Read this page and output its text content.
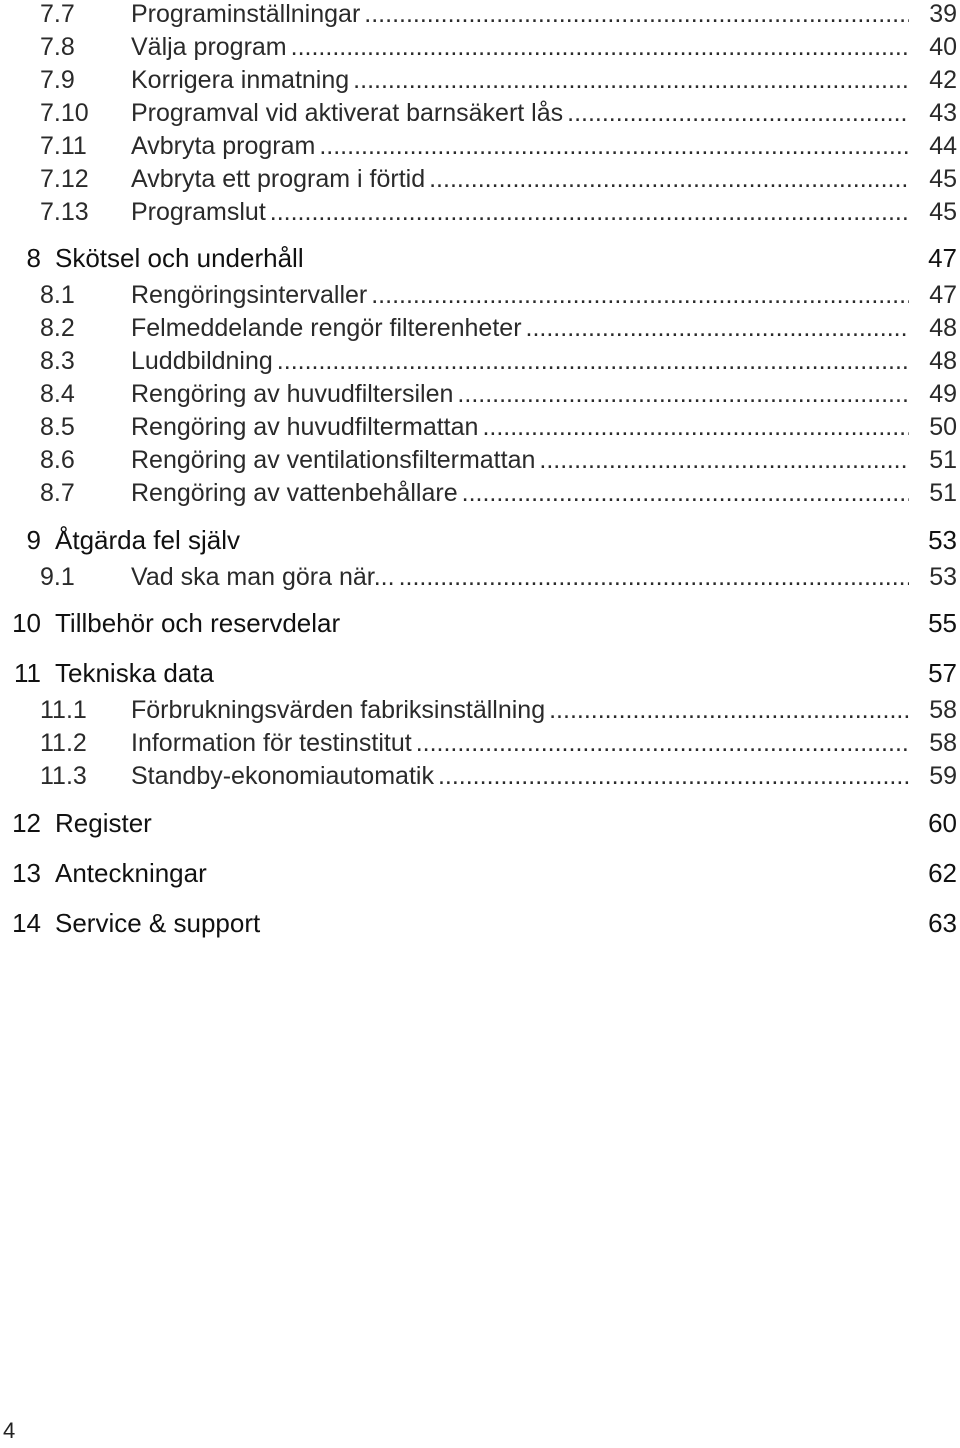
7.7	Programinställningar .....	39
7.8	Välja program .....	40
7.9	Korrigera inmatning .....	42
7.10	Programval vid aktiverat barnsäkert lås .....	43
7.11	Avbryta program .....	44
7.12	Avbryta ett program i förtid .....	45
7.13	Programslut .....	45
8 Skötsel och underhåll	47
8.1	Rengöringsintervaller .....	47
8.2	Felmeddelande rengör filterenheter .....	48
8.3	Luddbildning .....	48
8.4	Rengöring av huvudfiltersilen .....	49
8.5	Rengöring av huvudfiltermattan .....	50
8.6	Rengöring av ventilationsfiltermattan .....	51
8.7	Rengöring av vattenbehållare .....	51
9 Åtgärda fel själv	53
9.1	Vad ska man göra när... .....	53
10 Tillbehör och reservdelar	55
11 Tekniska data	57
11.1	Förbrukningsvärden fabriksinställning .....	58
11.2	Information för testinstitut .....	58
11.3	Standby-ekonomiautomatik .....	59
12 Register	60
13 Anteckningar	62
14 Service & support	63
4
